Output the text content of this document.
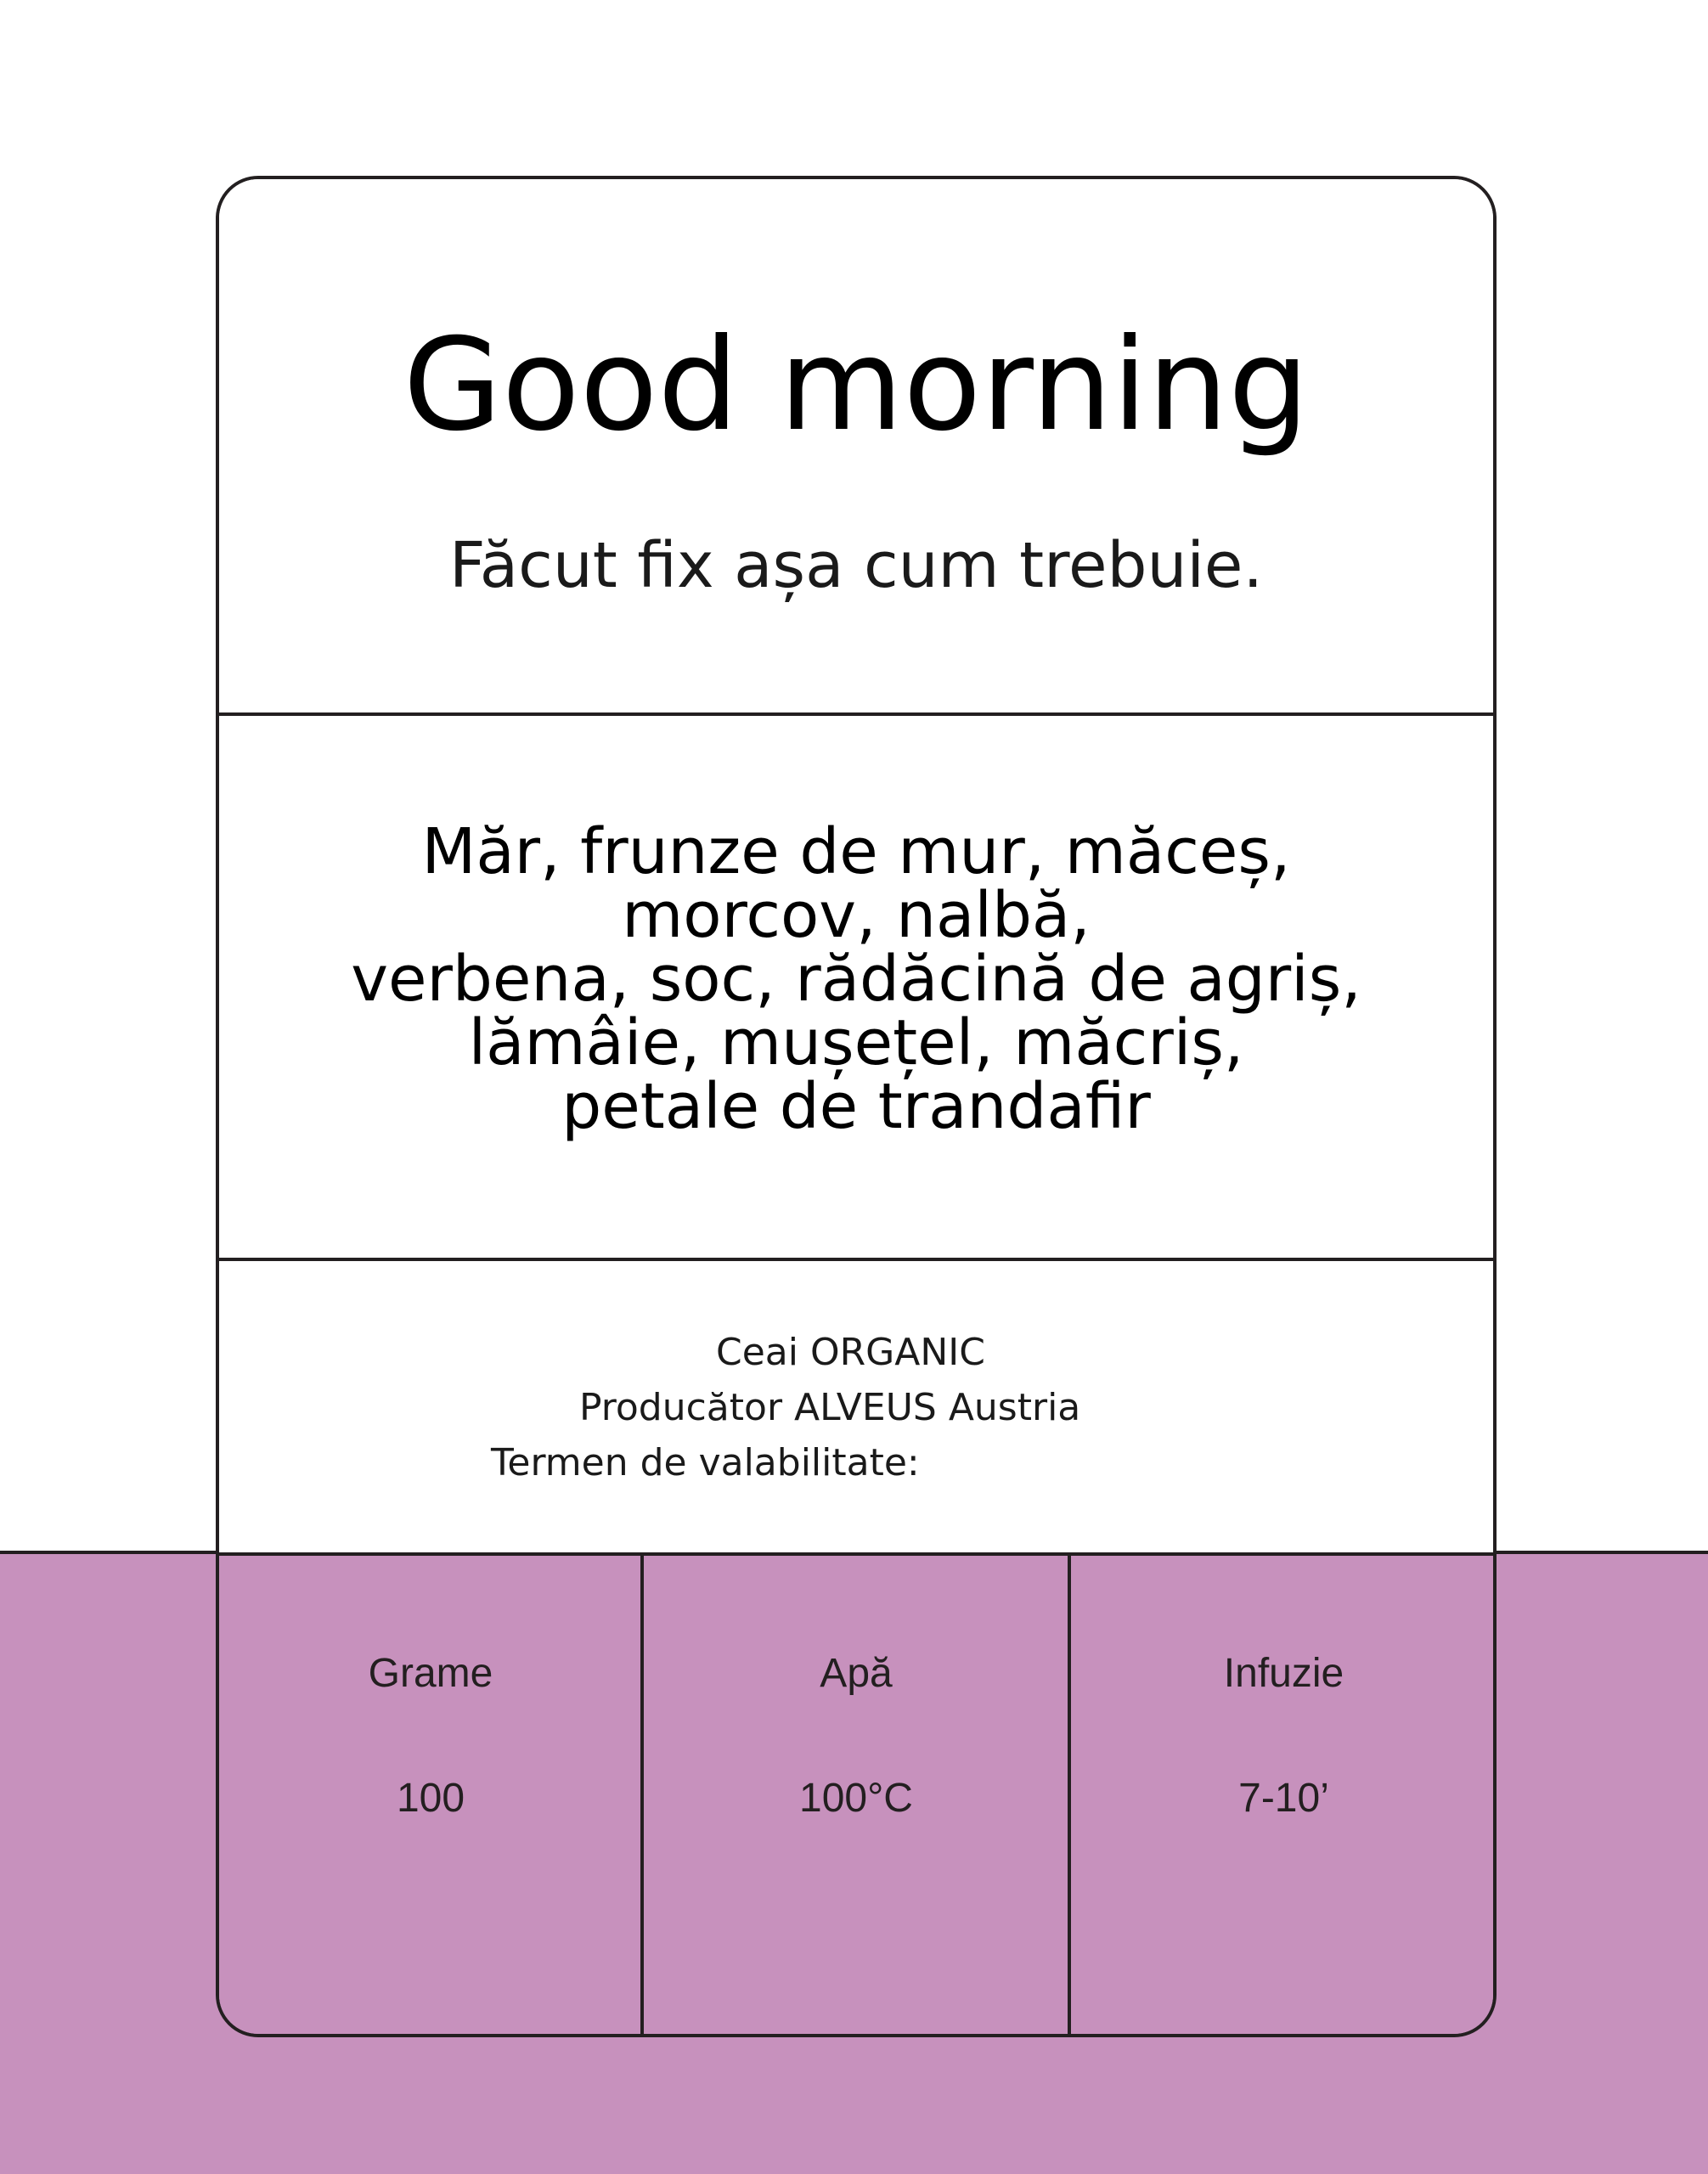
Good morning
Făcut fix așa cum trebuie.
Măr, frunze de mur, măceș,
morcov, nalbă,
verbena, soc, rădăcină de agriș,
lămâie, mușețel, măcriș,
petale de trandafir
Ceai ORGANIC
Producător ALVEUS Austria
Termen de valabilitate:
Grame
100
Apă
100°C
Infuzie
7-10’
